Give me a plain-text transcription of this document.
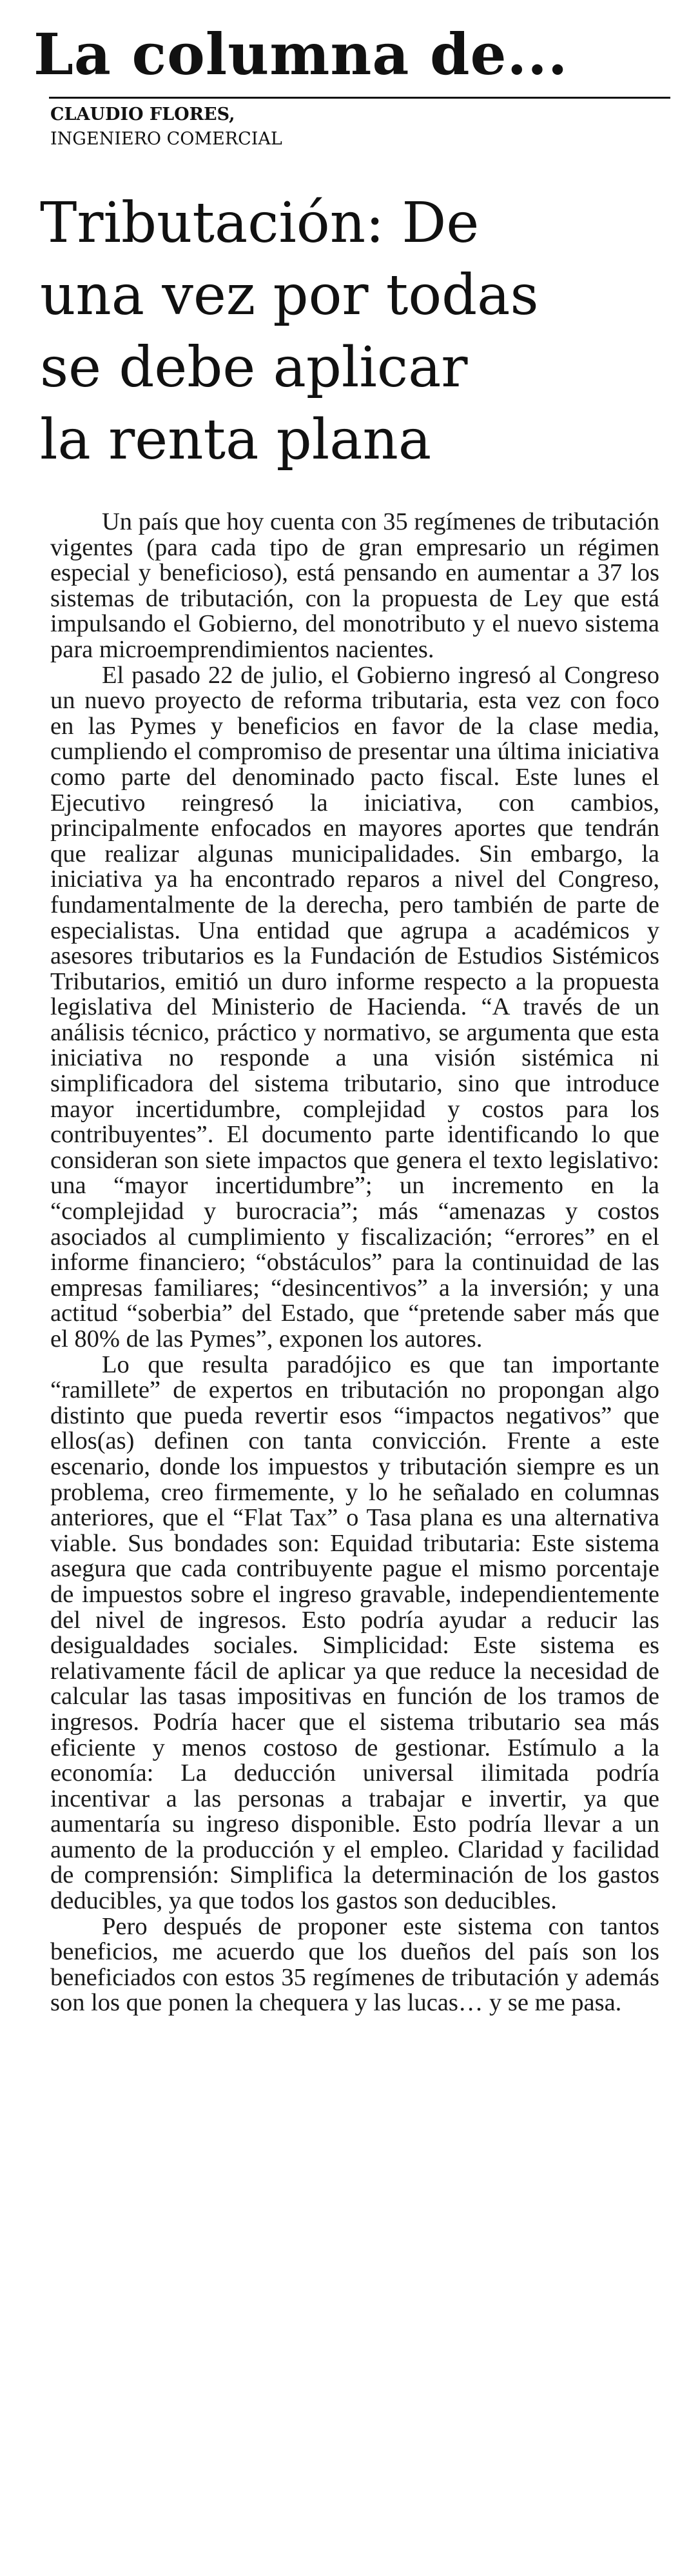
La columna de...
CLAUDIO FLORES,
INGENIERO COMERCIAL
Tributación: De
una vez por todas
se debe aplicar
la renta plana

Un país que hoy cuenta con 35 regímenes de tributación vigentes (para cada tipo de gran empresario un régimen especial y beneficioso), está pensando en aumentar a 37 los sistemas de tributación, con la propuesta de Ley que está impulsando el Gobierno, del monotributo y el nuevo sistema para microemprendimientos nacientes.

El pasado 22 de julio, el Gobierno ingresó al Congreso un nuevo proyecto de reforma tributaria, esta vez con foco en las Pymes y beneficios en favor de la clase media, cumpliendo el compromiso de presentar una última iniciativa como parte del denominado pacto fiscal. Este lunes el Ejecutivo reingresó la iniciativa, con cambios, principalmente enfocados en mayores aportes que tendrán que realizar algunas municipalidades. Sin embargo, la iniciativa ya ha encontrado reparos a nivel del Congreso, fundamentalmente de la derecha, pero también de parte de especialistas. Una entidad que agrupa a académicos y asesores tributarios es la Fundación de Estudios Sistémicos Tributarios, emitió un duro informe respecto a la propuesta legislativa del Ministerio de Hacienda. “A través de un análisis técnico, práctico y normativo, se argumenta que esta iniciativa no responde a una visión sistémica ni simplificadora del sistema tributario, sino que introduce mayor incertidumbre, complejidad y costos para los contribuyentes”. El documento parte identificando lo que consideran son siete impactos que genera el texto legislativo: una “mayor incertidumbre”; un incremento en la “complejidad y burocracia”; más “amenazas y costos asociados al cumplimiento y fiscalización; “errores” en el informe financiero; “obstáculos” para la continuidad de las empresas familiares; “desincentivos” a la inversión; y una actitud “soberbia” del Estado, que “pretende saber más que el 80% de las Pymes”, exponen los autores.

Lo que resulta paradójico es que tan importante “ramillete” de expertos en tributación no propongan algo distinto que pueda revertir esos “impactos negativos” que ellos(as) definen con tanta convicción. Frente a este escenario, donde los impuestos y tributación siempre es un problema, creo firmemente, y lo he señalado en columnas anteriores, que el “Flat Tax” o Tasa plana es una alternativa viable. Sus bondades son: Equidad tributaria: Este sistema asegura que cada contribuyente pague el mismo porcentaje de impuestos sobre el ingreso gravable, independientemente del nivel de ingresos. Esto podría ayudar a reducir las desigualdades sociales. Simplicidad: Este sistema es relativamente fácil de aplicar ya que reduce la necesidad de calcular las tasas impositivas en función de los tramos de ingresos. Podría hacer que el sistema tributario sea más eficiente y menos costoso de gestionar. Estímulo a la economía: La deducción universal ilimitada podría incentivar a las personas a trabajar e invertir, ya que aumentaría su ingreso disponible. Esto podría llevar a un aumento de la producción y el empleo. Claridad y facilidad de comprensión: Simplifica la determinación de los gastos deducibles, ya que todos los gastos son deducibles.

Pero después de proponer este sistema con tantos beneficios, me acuerdo que los dueños del país son los beneficiados con estos 35 regímenes de tributación y además son los que ponen la chequera y las lucas… y se me pasa.
